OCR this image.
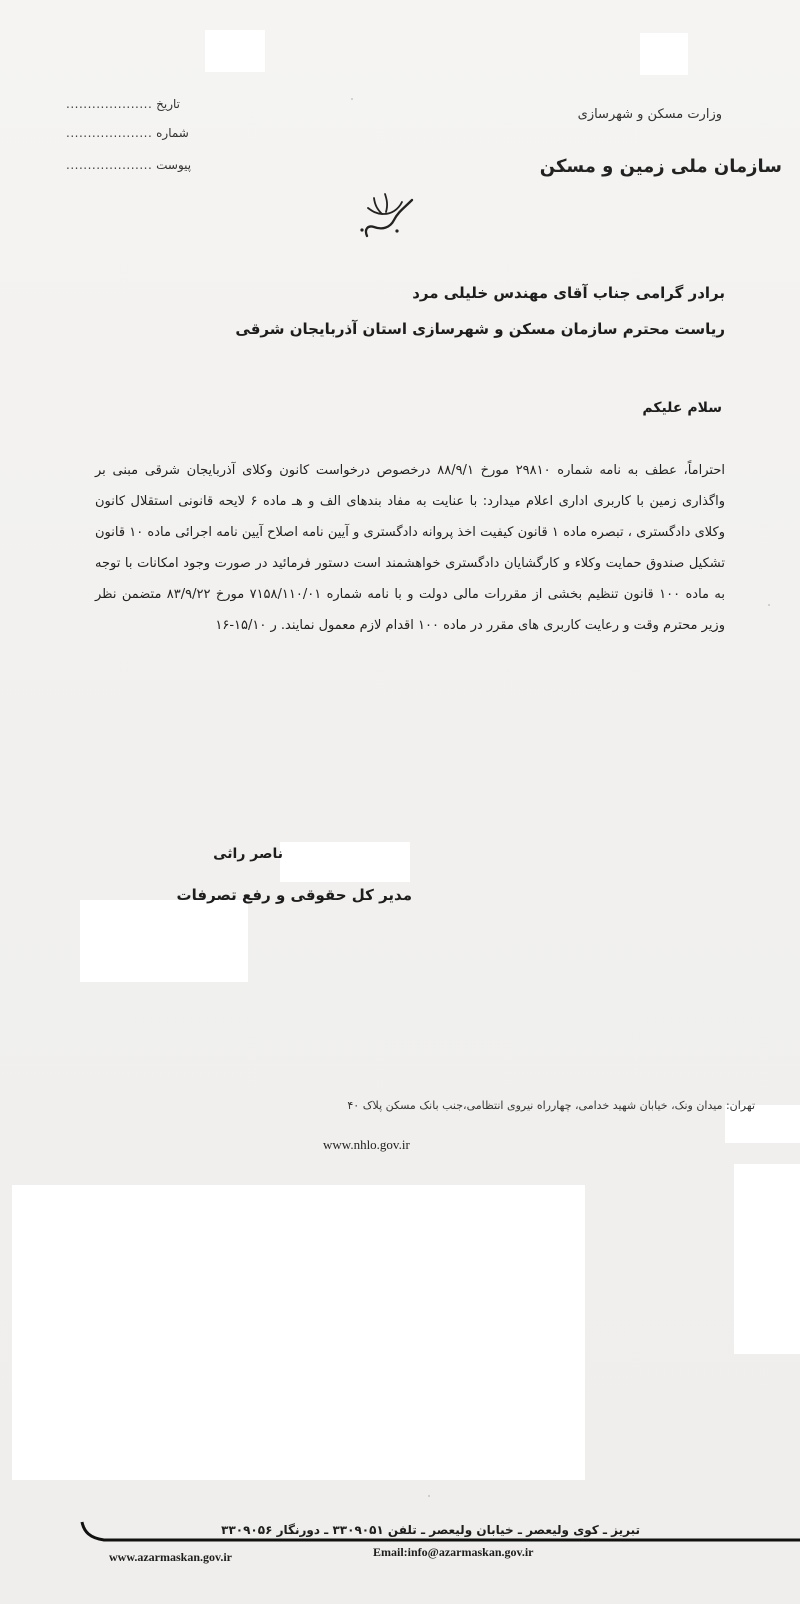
وزارت مسکن و شهرسازی
سازمان ملی زمین و مسکن
.................... تاریخ
.................... شماره
.................... پیوست
برادر گرامی جناب آقای مهندس خلیلی مرد
ریاست محترم سازمان مسکن و شهرسازی استان آذربایجان شرقی
سلام علیکم
احتراماً، عطف به نامه شماره ۲۹۸۱۰ مورخ ۸۸/۹/۱ درخصوص درخواست کانون وکلای آذربایجان شرقی مبنی بر واگذاری زمین با کاربری اداری اعلام میدارد: با عنایت به مفاد بندهای الف و هـ ماده ۶ لایحه قانونی استقلال کانون وکلای دادگستری ، تبصره ماده ۱ قانون کیفیت اخذ پروانه دادگستری و آیین نامه اصلاح آیین نامه اجرائی ماده ۱۰ قانون تشکیل صندوق حمایت وکلاء و کارگشایان دادگستری خواهشمند است دستور فرمائید در صورت وجود امکانات با توجه به ماده ۱۰۰ قانون تنظیم بخشی از مقررات مالی دولت و با نامه شماره ۷۱۵۸/۱۱۰/۰۱ مورخ ۸۳/۹/۲۲ متضمن نظر وزیر محترم وقت و رعایت کاربری های مقرر در ماده ۱۰۰ اقدام لازم معمول نمایند. ر ۱۵/۱۰-۱۶
ناصر راثی
مدیر کل حقوقی و رفع تصرفات
تهران: میدان ونک، خیابان شهید خدامی، چهارراه نیروی انتظامی،جنب بانک مسکن پلاک ۴۰
www.nhlo.gov.ir
تبریز ـ کوی ولیعصر ـ خیابان ولیعصر ـ تلفن ۳۳۰۹۰۵۱ ـ دورنگار ۳۳۰۹۰۵۶
Email:info@azarmaskan.gov.ir
www.azarmaskan.gov.ir
